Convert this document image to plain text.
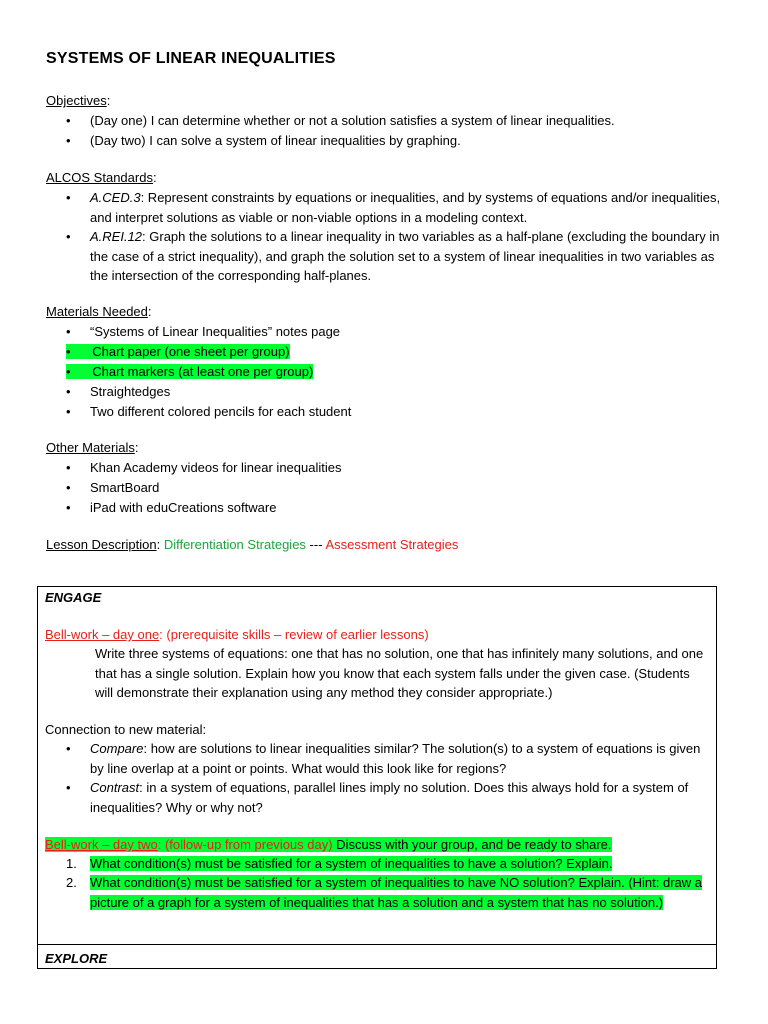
SYSTEMS OF LINEAR INEQUALITIES
Objectives:
•	(Day one) I can determine whether or not a solution satisfies a system of linear inequalities.
•	(Day two) I can solve a system of linear inequalities by graphing.
ALCOS Standards:
•	A.CED.3: Represent constraints by equations or inequalities, and by systems of equations and/or inequalities, and interpret solutions as viable or non-viable options in a modeling context.
•	A.REI.12: Graph the solutions to a linear inequality in two variables as a half-plane (excluding the boundary in the case of a strict inequality), and graph the solution set to a system of linear inequalities in two variables as the intersection of the corresponding half-planes.
Materials Needed:
•	“Systems of Linear Inequalities” notes page
•      Chart paper (one sheet per group)
•      Chart markers (at least one per group)
•	Straightedges
•	Two different colored pencils for each student
Other Materials:
•	Khan Academy videos for linear inequalities
•	SmartBoard
•	iPad with eduCreations software
Lesson Description: Differentiation Strategies --- Assessment Strategies
ENGAGE
Bell-work – day one: (prerequisite skills – review of earlier lessons)
Write three systems of equations: one that has no solution, one that has infinitely many solutions, and one that has a single solution. Explain how you know that each system falls under the given case. (Students will demonstrate their explanation using any method they consider appropriate.)
Connection to new material:
•	Compare: how are solutions to linear inequalities similar? The solution(s) to a system of equations is given by line overlap at a point or points. What would this look like for regions?
•	Contrast: in a system of equations, parallel lines imply no solution. Does this always hold for a system of inequalities? Why or why not?
Bell-work – day two: (follow-up from previous day) Discuss with your group, and be ready to share.
1.	What condition(s) must be satisfied for a system of inequalities to have a solution? Explain.
2.	What condition(s) must be satisfied for a system of inequalities to have NO solution? Explain. (Hint: draw a picture of a graph for a system of inequalities that has a solution and a system that has no solution.)
EXPLORE
